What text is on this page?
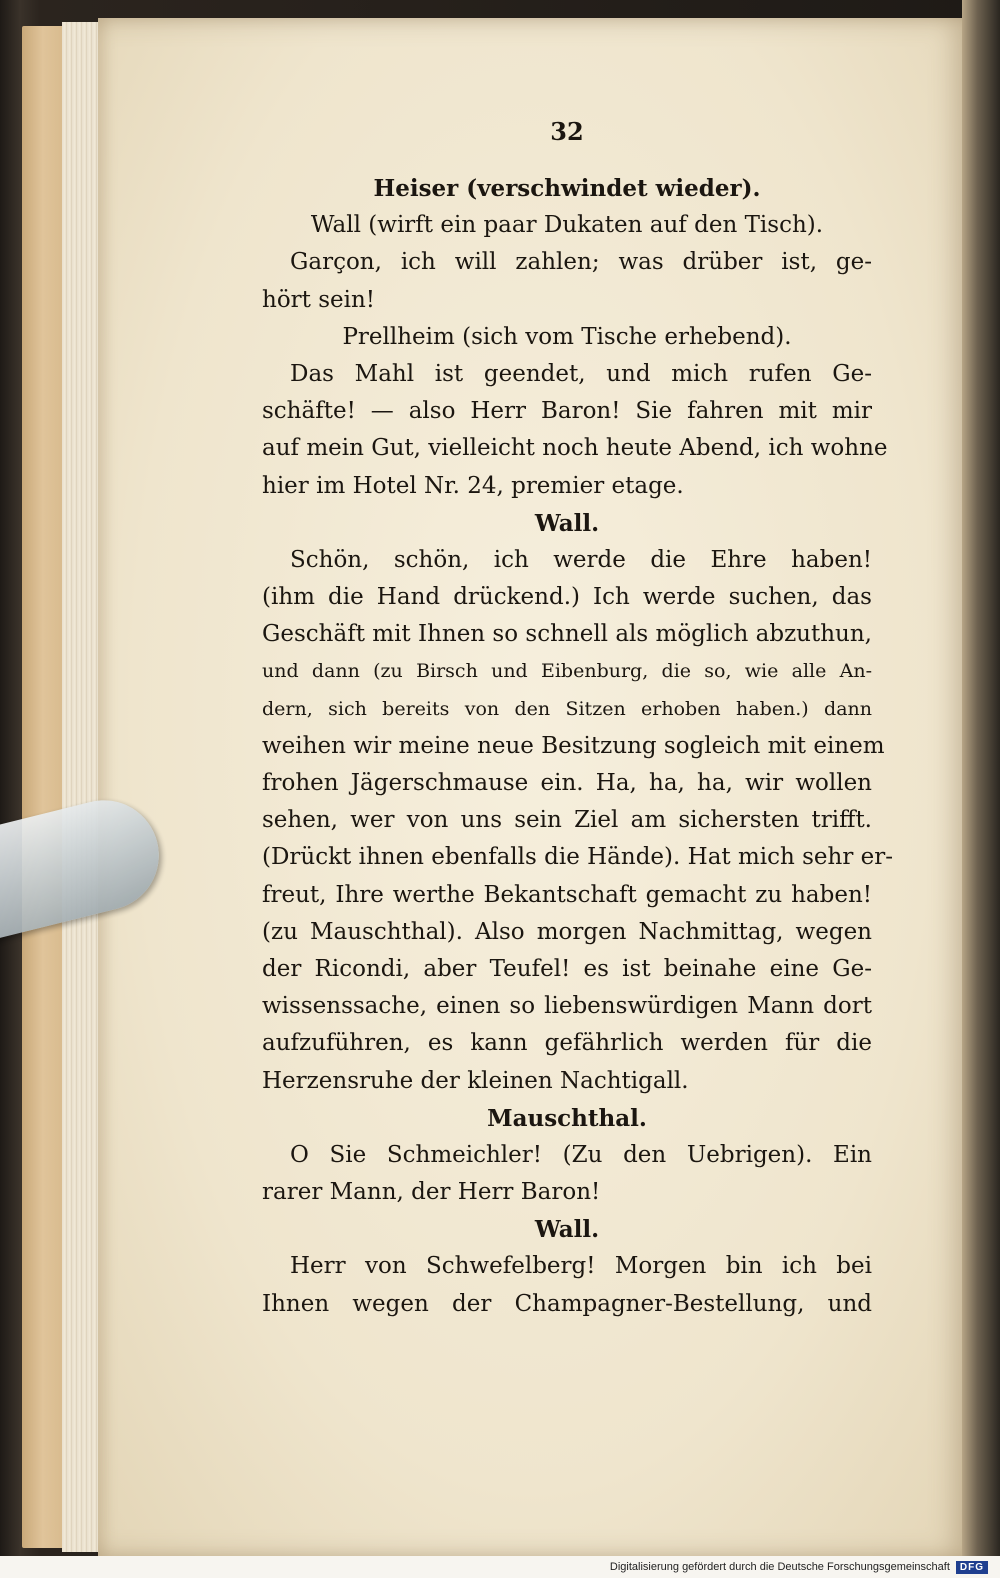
32
Heiser (verschwindet wieder).
Wall (wirft ein paar Dukaten auf den Tisch).
Garçon, ich will zahlen; was drüber ist, ge-
hört sein!
Prellheim (sich vom Tische erhebend).
Das Mahl ist geendet, und mich rufen Ge-
schäfte! — also Herr Baron! Sie fahren mit mir
auf mein Gut, vielleicht noch heute Abend, ich wohne
hier im Hotel Nr. 24, premier etage.
Wall.
Schön, schön, ich werde die Ehre haben!
(ihm die Hand drückend.) Ich werde suchen, das
Geschäft mit Ihnen so schnell als möglich abzuthun,
und dann (zu Birsch und Eibenburg, die so, wie alle An-
dern, sich bereits von den Sitzen erhoben haben.) dann
weihen wir meine neue Besitzung sogleich mit einem
frohen Jägerschmause ein. Ha, ha, ha, wir wollen
sehen, wer von uns sein Ziel am sichersten trifft.
(Drückt ihnen ebenfalls die Hände). Hat mich sehr er-
freut, Ihre werthe Bekantschaft gemacht zu haben!
(zu Mauschthal). Also morgen Nachmittag, wegen
der Ricondi, aber Teufel! es ist beinahe eine Ge-
wissenssache, einen so liebenswürdigen Mann dort
aufzuführen, es kann gefährlich werden für die
Herzensruhe der kleinen Nachtigall.
Mauschthal.
O Sie Schmeichler! (Zu den Uebrigen). Ein
rarer Mann, der Herr Baron!
Wall.
Herr von Schwefelberg! Morgen bin ich bei
Ihnen wegen der Champagner-Bestellung, und
Digitalisierung gefördert durch die Deutsche Forschungsgemeinschaft	DFG
